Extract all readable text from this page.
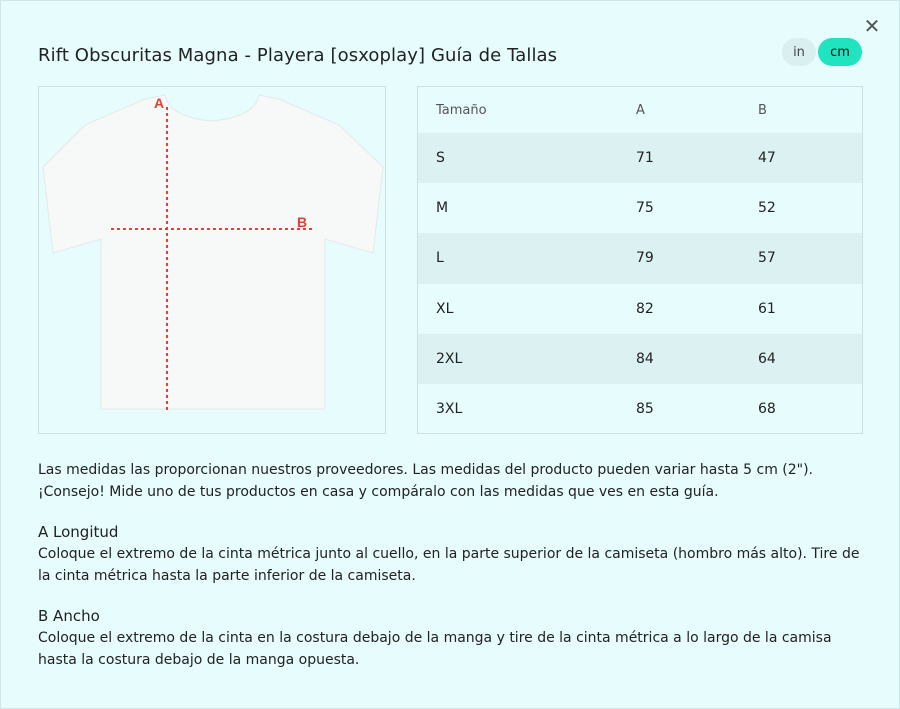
✕
Rift Obscuritas Magna - Playera [osxoplay] Guía de Tallas	in	cm
A
B
Tamaño	A	B
S	71	47
M	75	52
L	79	57
XL	82	61
2XL	84	64
3XL	85	68

Las medidas las proporcionan nuestros proveedores. Las medidas del producto pueden variar hasta 5 cm (2").

¡Consejo! Mide uno de tus productos en casa y compáralo con las medidas que ves en esta guía.

A Longitud

Coloque el extremo de la cinta métrica junto al cuello, en la parte superior de la camiseta (hombro más alto). Tire de la cinta métrica hasta la parte inferior de la camiseta.

B Ancho

Coloque el extremo de la cinta en la costura debajo de la manga y tire de la cinta métrica a lo largo de la camisa hasta la costura debajo de la manga opuesta.
